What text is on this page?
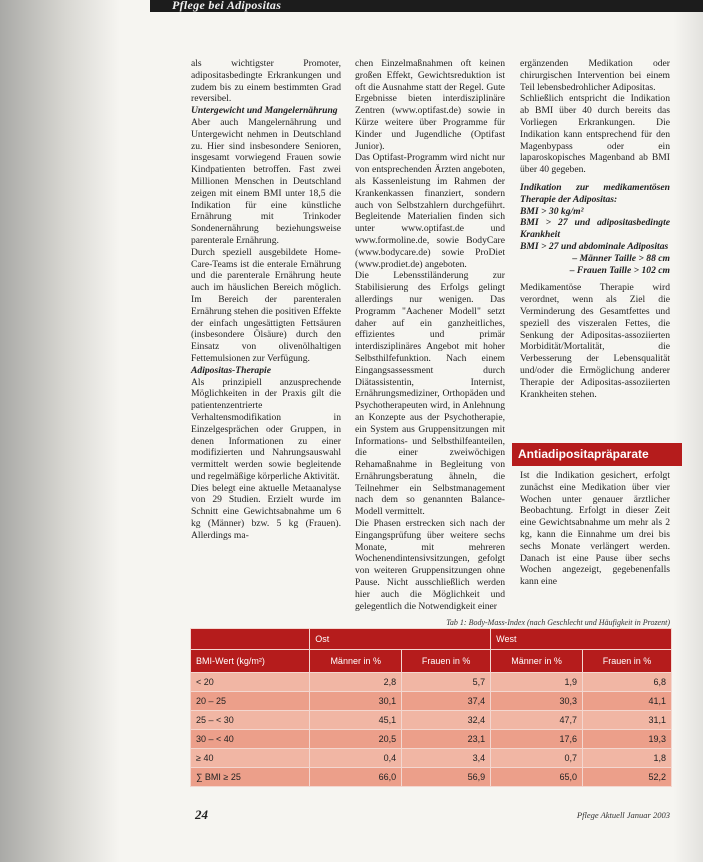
Pflege bei Adipositas

als wichtigster Promoter, adipositasbedingte Erkrankungen und zudem bis zu einem bestimmten Grad reversibel.

Untergewicht und Mangelernährung

Aber auch Mangelernährung und Untergewicht nehmen in Deutschland zu. Hier sind insbesondere Senioren, insgesamt vorwiegend Frauen sowie Kindpatienten betroffen. Fast zwei Millionen Menschen in Deutschland zeigen mit einem BMI unter 18,5 die Indikation für eine künstliche Ernährung mit Trinkoder Sondenernährung beziehungsweise parenterale Ernährung.

Durch speziell ausgebildete Home-Care-Teams ist die enterale Ernährung und die parenterale Ernährung heute auch im häuslichen Bereich möglich. Im Bereich der parenteralen Ernährung stehen die positiven Effekte der einfach ungesättigten Fettsäuren (insbesondere Ölsäure) durch den Einsatz von olivenölhaltigen Fettemulsionen zur Verfügung.

Adipositas-Therapie

Als prinzipiell anzusprechende Möglichkeiten in der Praxis gilt die patientenzentrierte Verhaltensmodifikation in Einzelgesprächen oder Gruppen, in denen Informationen zu einer modifizierten und Nahrungsauswahl vermittelt werden sowie begleitende und regelmäßige körperliche Aktivität.

Dies belegt eine aktuelle Metaanalyse von 29 Studien. Erzielt wurde im Schnitt eine Gewichtsabnahme um 6 kg (Männer) bzw. 5 kg (Frauen). Allerdings ma-

chen Einzelmaßnahmen oft keinen großen Effekt, Gewichtsreduktion ist oft die Ausnahme statt der Regel. Gute Ergebnisse bieten interdisziplinäre Zentren (www.optifast.de) sowie in Kürze weitere über Programme für Kinder und Jugendliche (Optifast Junior).

Das Optifast-Programm wird nicht nur von entsprechenden Ärzten angeboten, als Kassenleistung im Rahmen der Krankenkassen finanziert, sondern auch von Selbstzahlern durchgeführt. Begleitende Materialien finden sich unter www.optifast.de und www.formoline.de, sowie BodyCare (www.bodycare.de) sowie ProDiet (www.prodiet.de) angeboten.

Die Lebensstiländerung zur Stabilisierung des Erfolgs gelingt allerdings nur wenigen. Das Programm "Aachener Modell" setzt daher auf ein ganzheitliches, effizientes und primär interdisziplinäres Angebot mit hoher Selbsthilfefunktion. Nach einem Eingangsassessment durch Diätassistentin, Internist, Ernährungsmediziner, Orthopäden und Psychotherapeuten wird, in Anlehnung an Konzepte aus der Psychotherapie, ein System aus Gruppensitzungen mit Informations- und Selbsthilfeanteilen, die einer zweiwöchigen Rehamaßnahme in Begleitung von Ernährungsberatung ähneln, die Teilnehmer ein Selbstmanagement nach dem so genannten Balance-Modell vermittelt.

Die Phasen erstrecken sich nach der Eingangsprüfung über weitere sechs Monate, mit mehreren Wochenendintensivsitzungen, gefolgt von weiteren Gruppensitzungen ohne Pause. Nicht ausschließlich werden hier auch die Möglichkeit und gelegentlich die Notwendigkeit einer

ergänzenden Medikation oder chirurgischen Intervention bei einem Teil lebensbedrohlicher Adipositas.

Schließlich entspricht die Indikation ab BMI über 40 durch bereits das Vorliegen Erkrankungen. Die Indikation kann entsprechend für den Magenbypass oder ein laparoskopisches Magenband ab BMI über 40 gegeben.

Indikation zur medikamentösen Therapie der Adipositas:

BMI > 30 kg/m²

BMI > 27 und adipositasbedingte Krankheit

BMI > 27 und abdominale Adipositas

– Männer Taille > 88 cm

– Frauen Taille > 102 cm

Medikamentöse Therapie wird verordnet, wenn als Ziel die Verminderung des Gesamtfettes und speziell des viszeralen Fettes, die Senkung der Adipositas-assoziierten Morbidität/Mortalität, die Verbesserung der Lebensqualität und/oder die Ermöglichung anderer Therapie der Adipositas-assoziierten Krankheiten stehen.

Antiadipositapräparate

Ist die Indikation gesichert, erfolgt zunächst eine Medikation über vier Wochen unter genauer ärztlicher Beobachtung. Erfolgt in dieser Zeit eine Gewichtsabnahme um mehr als 2 kg, kann die Einnahme um drei bis sechs Monate verlängert werden. Danach ist eine Pause über sechs Wochen angezeigt, gegebenenfalls kann eine

Tab 1: Body-Mass-Index (nach Geschlecht und Häufigkeit in Prozent)
	Ost		West	
BMI-Wert (kg/m²)	Männer in %	Frauen in %	Männer in %	Frauen in %
< 20	2,8	5,7	1,9	6,8
20 – 25	30,1	37,4	30,3	41,1
25 – < 30	45,1	32,4	47,7	31,1
30 – < 40	20,5	23,1	17,6	19,3
≥ 40	0,4	3,4	0,7	1,8
∑ BMI ≥ 25	66,0	56,9	65,0	52,2
24	Pflege Aktuell Januar 2003
